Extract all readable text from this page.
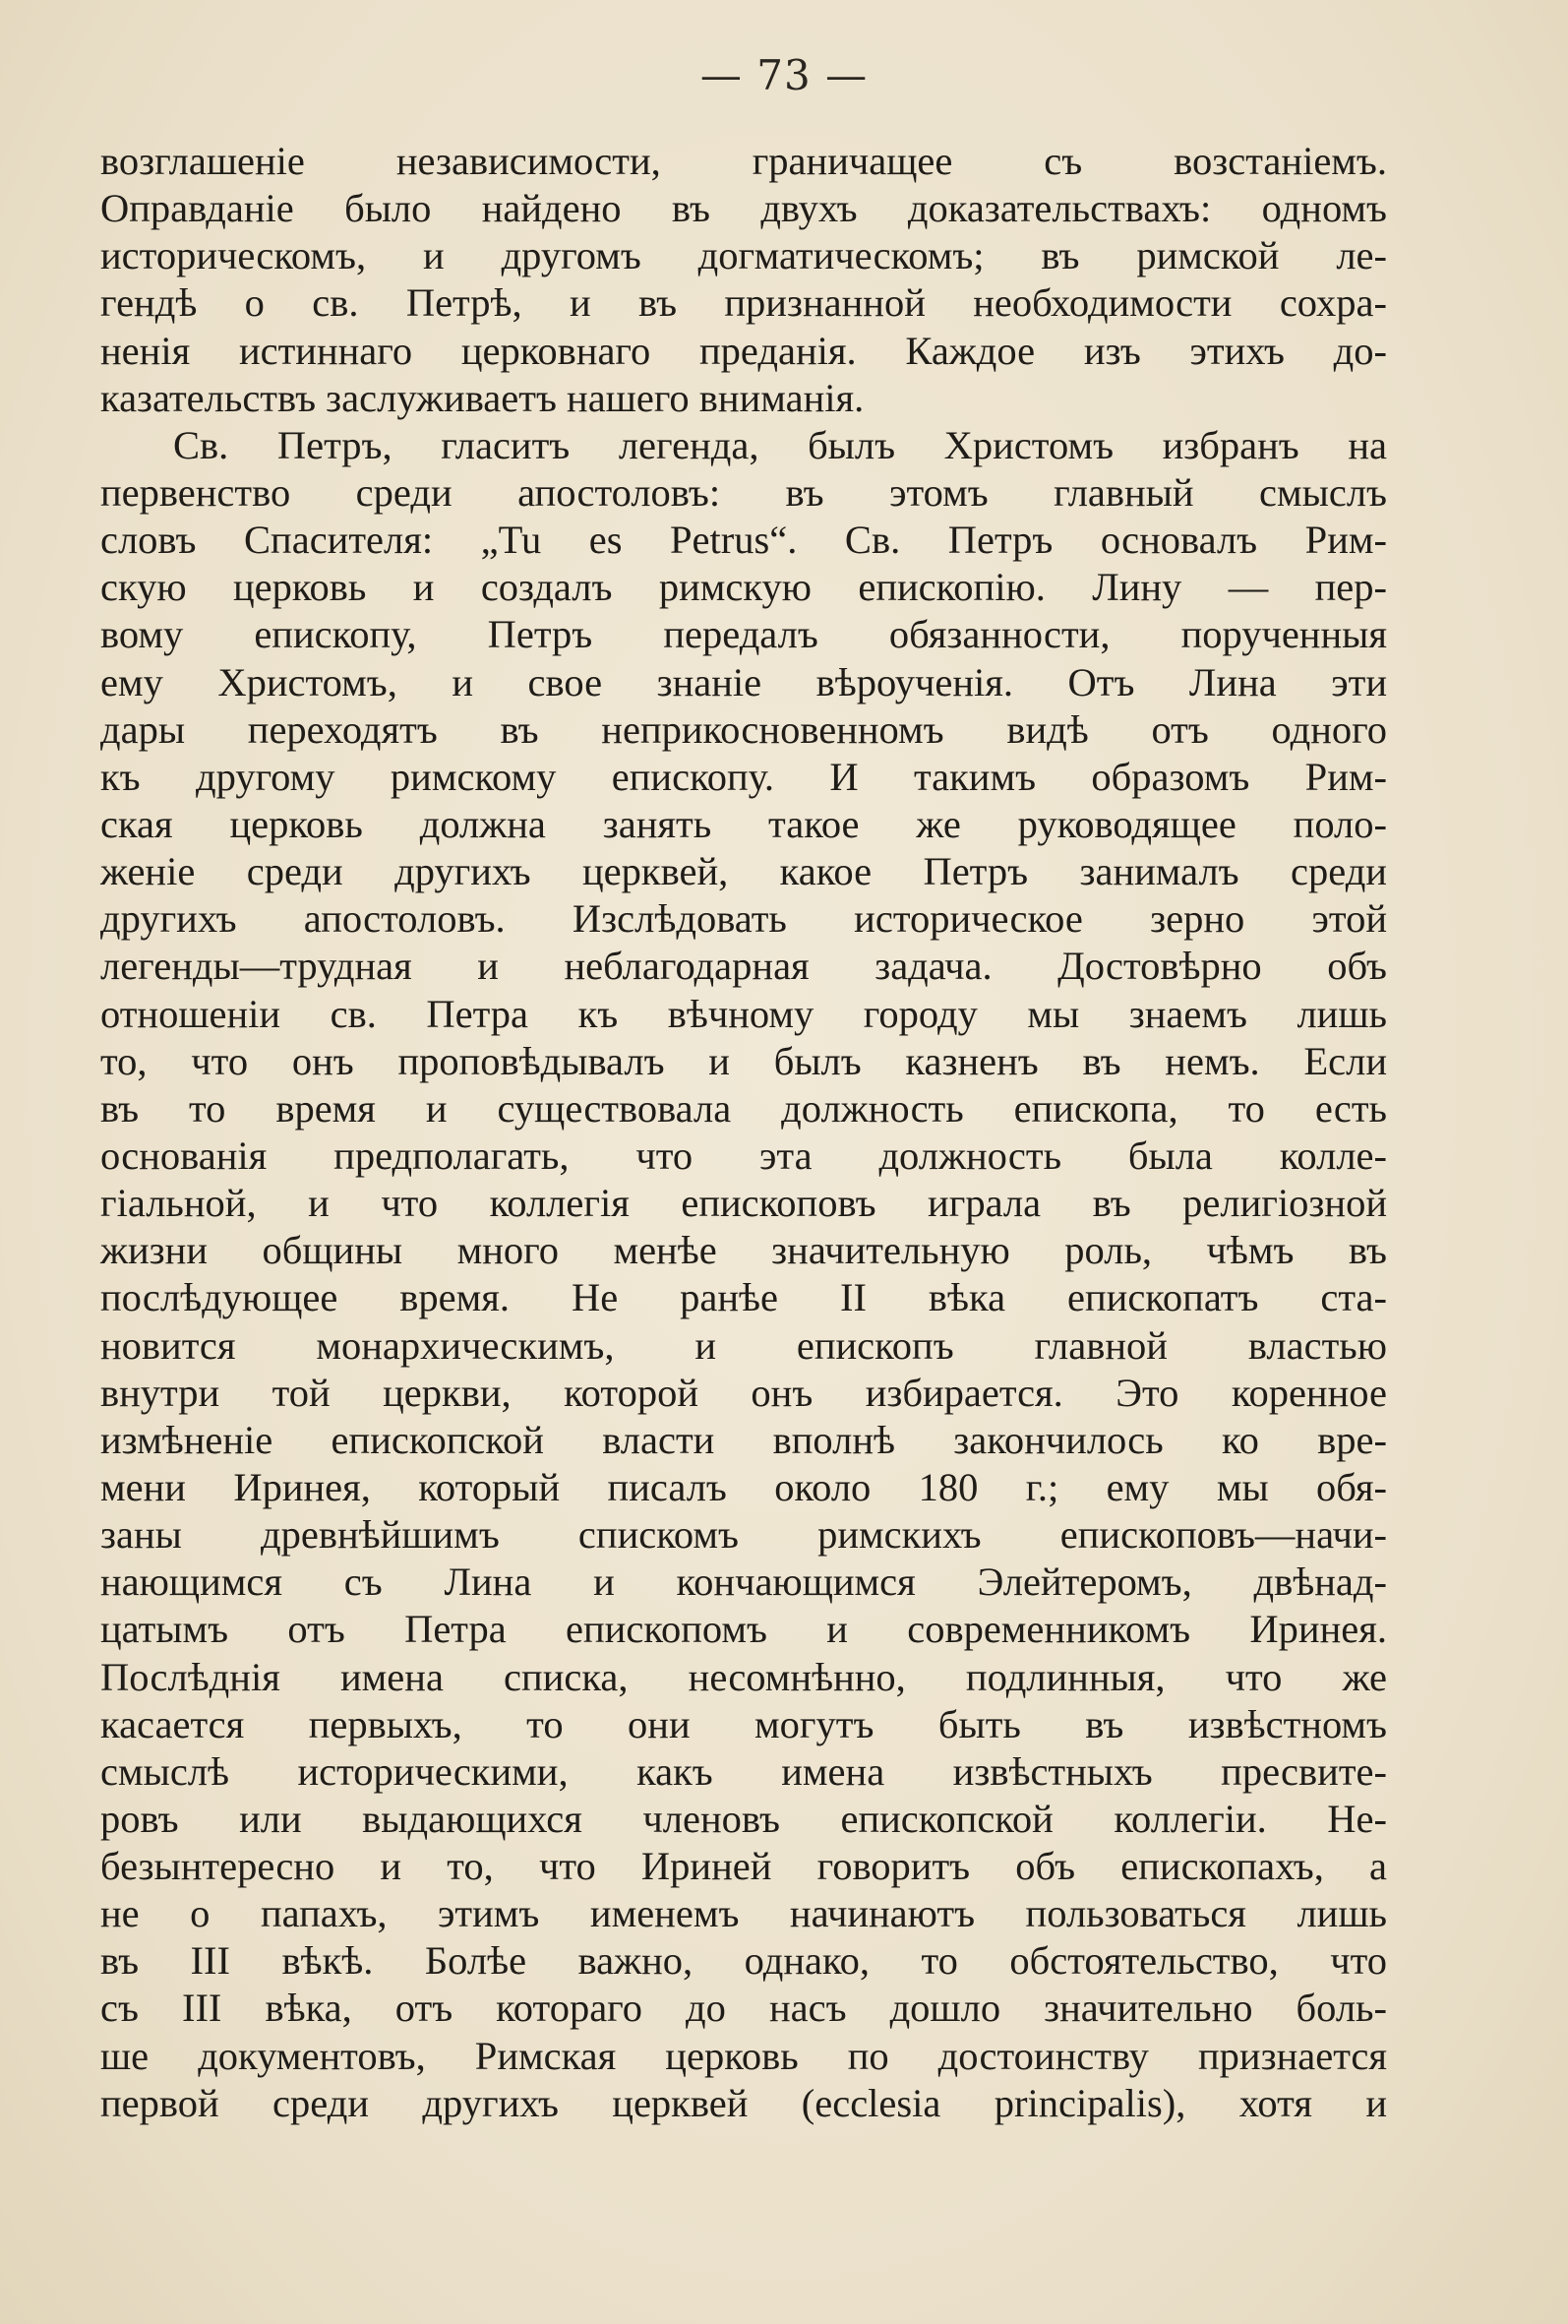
— 73 —
возглашеніе независимости, граничащее съ возстаніемъ.
Оправданіе было найдено въ двухъ доказательствахъ: одномъ
историческомъ, и другомъ догматическомъ; въ римской ле-
гендѣ о св. Петрѣ, и въ признанной необходимости сохра-
ненія истиннаго церковнаго преданія. Каждое изъ этихъ до-
казательствъ заслуживаетъ нашего вниманія.
Св. Петръ, гласитъ легенда, былъ Христомъ избранъ на
первенство среди апостоловъ: въ этомъ главный смыслъ
словъ Спасителя: „Tu es Petrus“. Св. Петръ основалъ Рим-
скую церковь и создалъ римскую епископію. Лину — пер-
вому епископу, Петръ передалъ обязанности, порученныя
ему Христомъ, и свое знаніе вѣроученія. Отъ Лина эти
дары переходятъ въ неприкосновенномъ видѣ отъ одного
къ другому римскому епископу. И такимъ образомъ Рим-
ская церковь должна занять такое же руководящее поло-
женіе среди другихъ церквей, какое Петръ занималъ среди
другихъ апостоловъ. Изслѣдовать историческое зерно этой
легенды—трудная и неблагодарная задача. Достовѣрно объ
отношеніи св. Петра къ вѣчному городу мы знаемъ лишь
то, что онъ проповѣдывалъ и былъ казненъ въ немъ. Если
въ то время и существовала должность епископа, то есть
основанія предполагать, что эта должность была колле-
гіальной, и что коллегія епископовъ играла въ религіозной
жизни общины много менѣе значительную роль, чѣмъ въ
послѣдующее время. Не ранѣе II вѣка епископатъ ста-
новится монархическимъ, и епископъ главной властью
внутри той церкви, которой онъ избирается. Это коренное
измѣненіе епископской власти вполнѣ закончилось ко вре-
мени Иринея, который писалъ около 180 г.; ему мы обя-
заны древнѣйшимъ спискомъ римскихъ епископовъ—начи-
нающимся съ Лина и кончающимся Элейтеромъ, двѣнад-
цатымъ отъ Петра епископомъ и современникомъ Иринея.
Послѣднія имена списка, несомнѣнно, подлинныя, что же
касается первыхъ, то они могутъ быть въ извѣстномъ
смыслѣ историческими, какъ имена извѣстныхъ пресвите-
ровъ или выдающихся членовъ епископской коллегіи. Не-
безынтересно и то, что Ириней говоритъ объ епископахъ, а
не о папахъ, этимъ именемъ начинаютъ пользоваться лишь
въ III вѣкѣ. Болѣе важно, однако, то обстоятельство, что
съ III вѣка, отъ котораго до насъ дошло значительно боль-
ше документовъ, Римская церковь по достоинству признается
первой среди другихъ церквей (ecclesia principalis), хотя и
